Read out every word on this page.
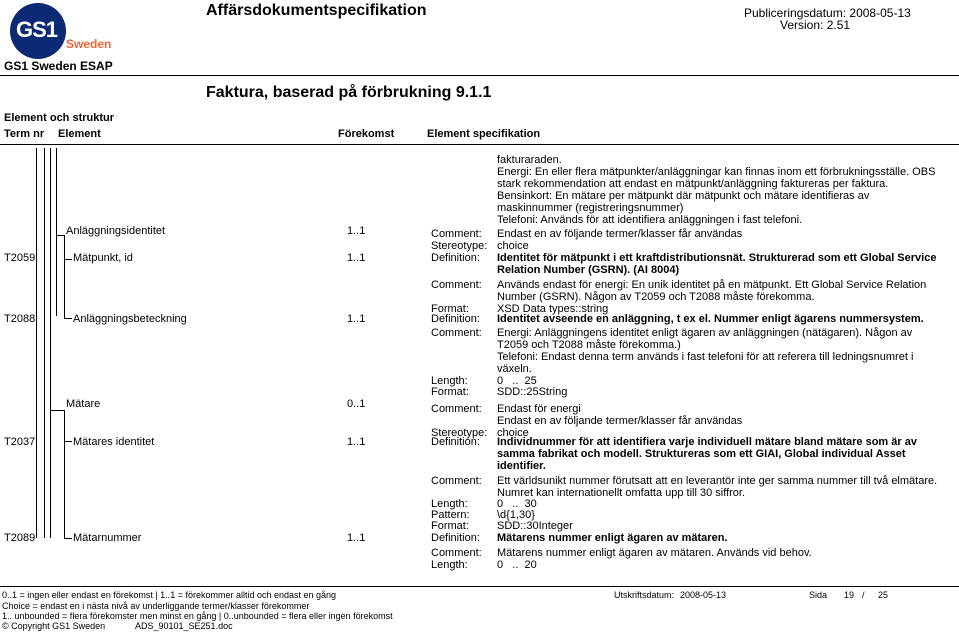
GS1
Sweden
Affärsdokumentspecifikation	Publiceringsdatum: 2008-05-13
Version: 2.51
GS1 Sweden ESAP
Faktura, baserad på förbrukning 9.1.1
Element och struktur
Term nr Element	Förekomst	Element specifikation
fakturaraden.
Energi: En eller flera mätpunkter/anläggningar kan finnas inom ett förbrukningsställe. OBS
stark rekommendation att endast en mätpunkt/anläggning faktureras per faktura.
Bensinkort: En mätare per mätpunkt där mätpunkt och mätare identifieras av
maskinnummer (registreringsnummer)
Telefoni: Används för att identifiera anläggningen i fast telefoni.
Anläggningsidentitet	1..1	Comment: Endast en av följande termer/klasser får användas
Stereotype: choice
T2059	Mätpunkt, id	1..1	Definition: Identitet för mätpunkt i ett kraftdistributionsnät. Strukturerad som ett Global Service
Relation Number (GSRN). (AI 8004)
Comment: Används endast för energi: En unik identitet på en mätpunkt. Ett Global Service Relation
Number (GSRN). Någon av T2059 och T2088 måste förekomma.
Format:	XSD Data types::string
T2088	Anläggningsbeteckning	1..1	Definition: Identitet avseende en anläggning, t ex el. Nummer enligt ägarens nummersystem.
Comment: Energi: Anläggningens identitet enligt ägaren av anläggningen (nätägaren). Någon av
T2059 och T2088 måste förekomma.)
Telefoni: Endast denna term används i fast telefoni för att referera till ledningsnumret i
växeln.
Length:	0   ..  25
Format:	SDD::25String
Mätare	0..1	Comment: Endast för energi
Endast en av följande termer/klasser får användas
Stereotype: choice
T2037	Mätares identitet	1..1	Definition: Individnummer för att identifiera varje individuell mätare bland mätare som är av
samma fabrikat och modell. Struktureras som ett GIAI, Global individual Asset
identifier.
Comment: Ett världsunikt nummer förutsatt att en leverantör inte ger samma nummer till två elmätare.
Numret kan internationellt omfatta upp till 30 siffror.
Length:	0   ..  30
Pattern: \d{1,30}
Format:	SDD::30Integer
T2089	Mätarnummer	1..1	Definition: Mätarens nummer enligt ägaren av mätaren.
Comment: Mätarens nummer enligt ägaren av mätaren. Används vid behov.
Length:	0   ..  20
0..1 = ingen eller endast en förekomst | 1..1 = förekommer alltid och endast en gång
Choice = endast en i nästa nivå av underliggande termer/klasser förekommer
1.. unbounded = flera förekomster men minst en gång | 0..unbounded = flera eller ingen förekomst
© Copyright GS1 Sweden	ADS_90101_SE251.doc
Utskriftsdatum: 2008-05-13	Sida 19 / 25
